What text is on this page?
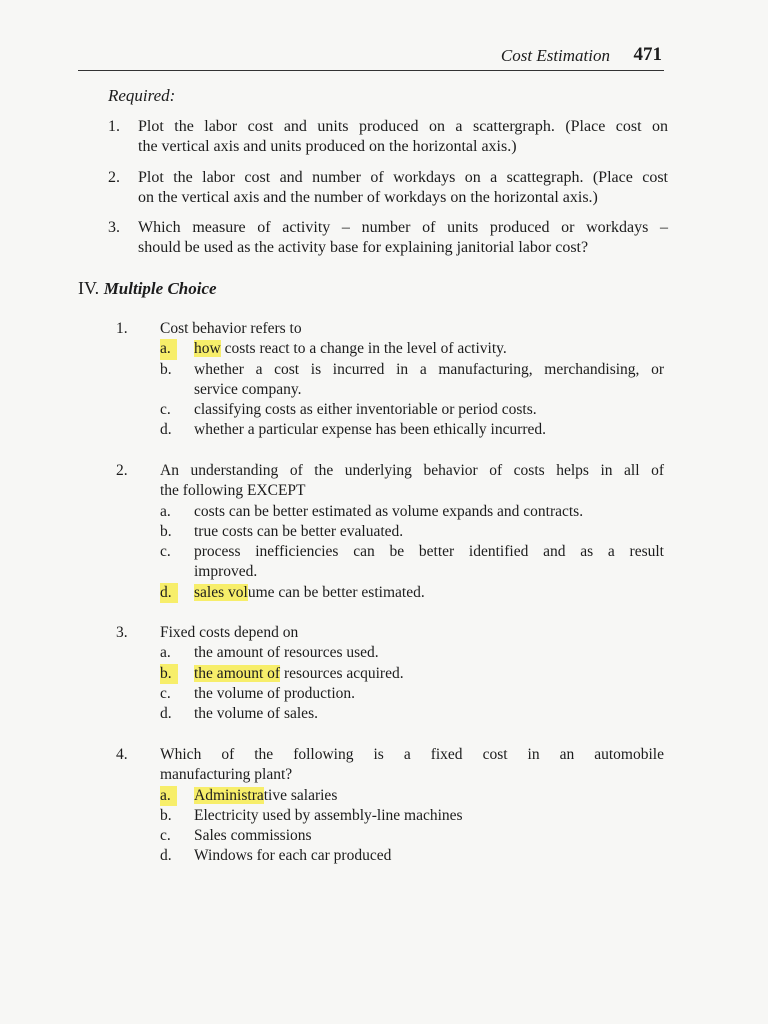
Cost Estimation 471
Required:
1. Plot the labor cost and units produced on a scattergraph. (Place cost on
the vertical axis and units produced on the horizontal axis.)
2. Plot the labor cost and number of workdays on a scattegraph. (Place cost
on the vertical axis and the number of workdays on the horizontal axis.)
3. Which measure of activity – number of units produced or workdays –
should be used as the activity base for explaining janitorial labor cost?
IV. Multiple Choice
1. Cost behavior refers to
a.	how costs react to a change in the level of activity.
b. whether a cost is incurred in a manufacturing, merchandising, or
service company.
c. classifying costs as either inventoriable or period costs.
d. whether a particular expense has been ethically incurred.
2. An understanding of the underlying behavior of costs helps in all of
the following EXCEPT
a. costs can be better estimated as volume expands and contracts.
b. true costs can be better evaluated.
c. process inefficiencies can be better identified and as a result
improved.
d.	sales volume can be better estimated.
3. Fixed costs depend on
a. the amount of resources used.
b.	the amount of resources acquired.
c. the volume of production.
d. the volume of sales.
4. Which of the following is a fixed cost in an automobile
manufacturing plant?
a.	Administrative salaries
b. Electricity used by assembly-line machines
c. Sales commissions
d. Windows for each car produced
